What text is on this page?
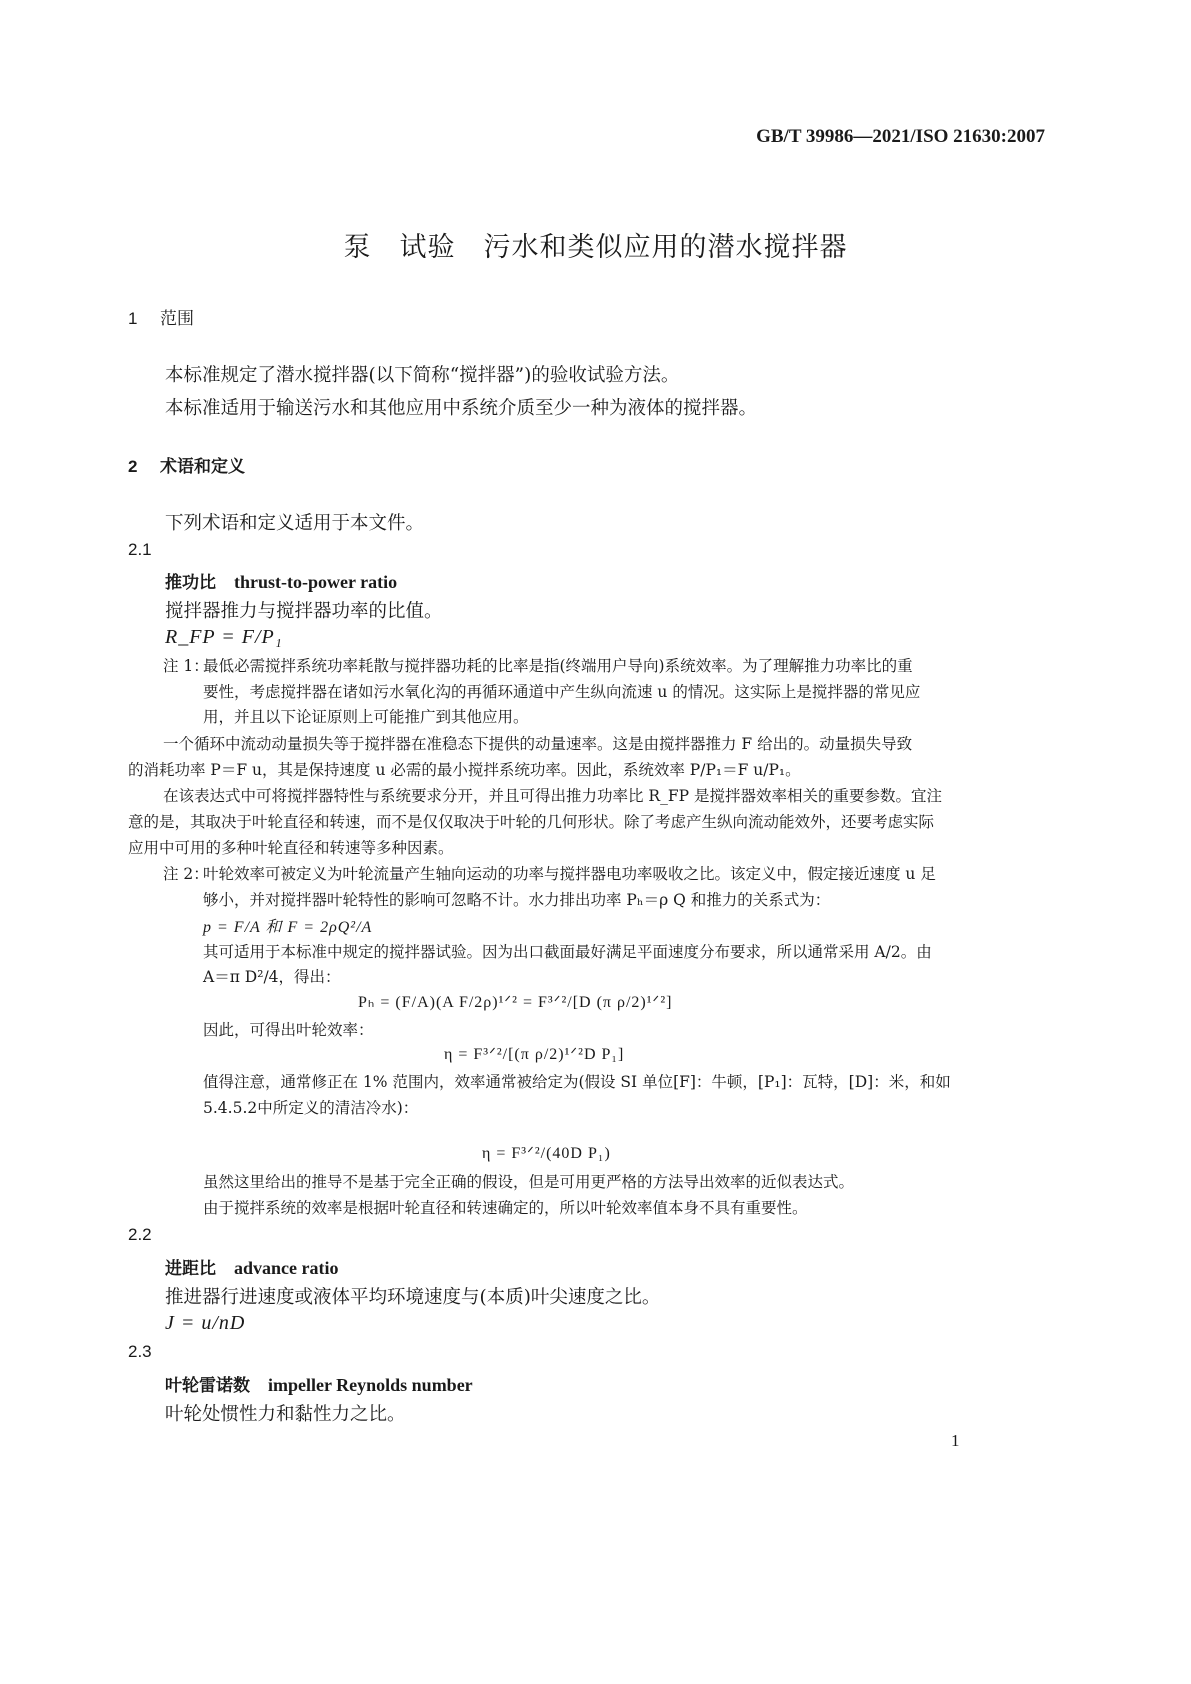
GB/T 39986—2021/ISO 21630:2007
泵　试验　污水和类似应用的潜水搅拌器
1 范围
本标准规定了潜水搅拌器(以下简称“搅拌器”)的验收试验方法。
本标准适用于输送污水和其他应用中系统介质至少一种为液体的搅拌器。
2 术语和定义
下列术语和定义适用于本文件。
2.1
推功比 thrust-to-power ratio
搅拌器推力与搅拌器功率的比值。
R_FP = F/P₁
注 1：
最低必需搅拌系统功率耗散与搅拌器功耗的比率是指(终端用户导向)系统效率。为了理解推力功率比的重
要性，考虑搅拌器在诸如污水氧化沟的再循环通道中产生纵向流速 u 的情况。这实际上是搅拌器的常见应
用，并且以下论证原则上可能推广到其他应用。
一个循环中流动动量损失等于搅拌器在准稳态下提供的动量速率。这是由搅拌器推力 F 给出的。动量损失导致
的消耗功率 P＝F u，其是保持速度 u 必需的最小搅拌系统功率。因此，系统效率 P/P₁＝F u/P₁。
在该表达式中可将搅拌器特性与系统要求分开，并且可得出推力功率比 R_FP 是搅拌器效率相关的重要参数。宜注
意的是，其取决于叶轮直径和转速，而不是仅仅取决于叶轮的几何形状。除了考虑产生纵向流动能效外，还要考虑实际
应用中可用的多种叶轮直径和转速等多种因素。
注 2：
叶轮效率可被定义为叶轮流量产生轴向运动的功率与搅拌器电功率吸收之比。该定义中，假定接近速度 u 足
够小，并对搅拌器叶轮特性的影响可忽略不计。水力排出功率 Pₕ＝ρ Q 和推力的关系式为：
p = F/A 和 F = 2ρQ²/A
其可适用于本标准中规定的搅拌器试验。因为出口截面最好满足平面速度分布要求，所以通常采用 A/2。由
A＝π D²/4，得出：
Pₕ = (F/A)(A F/2ρ)¹ᐟ² = F³ᐟ²/[D (π ρ/2)¹ᐟ²]
因此，可得出叶轮效率：
η = F³ᐟ²/[(π ρ/2)¹ᐟ²D P₁]
值得注意，通常修正在 1% 范围内，效率通常被给定为(假设 SI 单位[F]：牛顿，[P₁]：瓦特，[D]：米，和如
5.4.5.2中所定义的清洁冷水)：
η = F³ᐟ²/(40D P₁)
虽然这里给出的推导不是基于完全正确的假设，但是可用更严格的方法导出效率的近似表达式。
由于搅拌系统的效率是根据叶轮直径和转速确定的，所以叶轮效率值本身不具有重要性。
2.2
进距比 advance ratio
推进器行进速度或液体平均环境速度与(本质)叶尖速度之比。
J = u/nD
2.3
叶轮雷诺数 impeller Reynolds number
叶轮处惯性力和黏性力之比。
1
